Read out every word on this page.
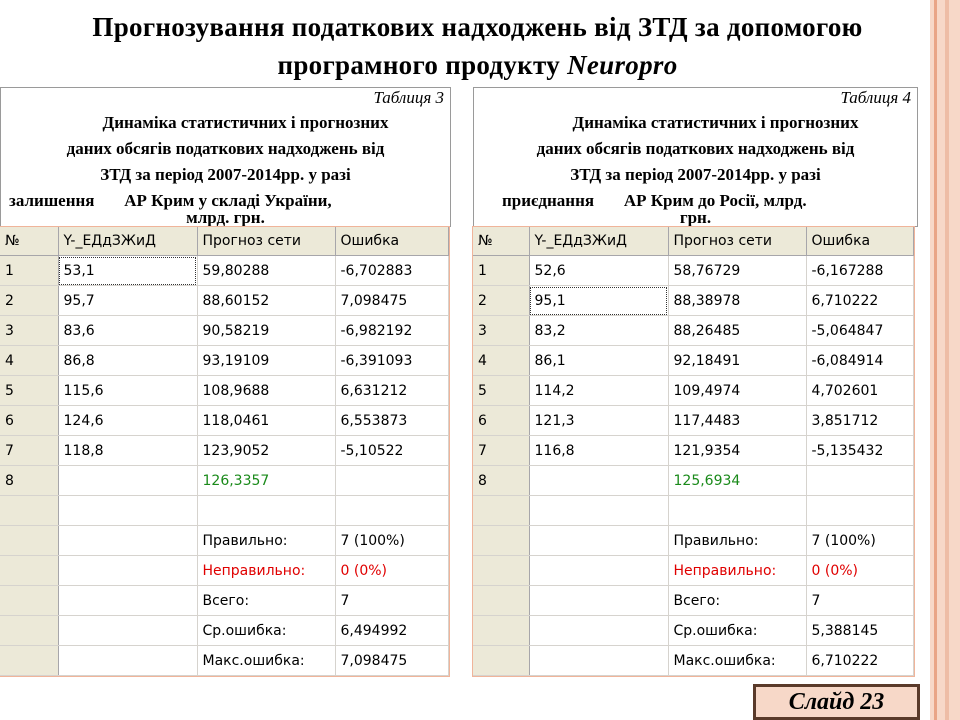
Прогнозування податкових надходжень від ЗТД за допомогою
програмного продукту Neuropro
Таблиця 3
Динаміка статистичних і прогнозних
даних обсягів податкових надходжень від
ЗТД за період 2007-2014рр. у разі
залишення       АР Крим у складі України,
млрд. грн.
Таблиця 4
Динаміка статистичних і прогнозних
даних обсягів податкових надходжень від
ЗТД за період 2007-2014рр. у разі
приєднання       АР Крим до Росії, млрд.
грн.
№	Y-_ЕДдЗЖиД	Прогноз сети	Ошибка
1	53,1	59,80288	-6,702883
2	95,7	88,60152	7,098475
3	83,6	90,58219	-6,982192
4	86,8	93,19109	-6,391093
5	115,6	108,9688	6,631212
6	124,6	118,0461	6,553873
7	118,8	123,9052	-5,10522
8		126,3357	

		Правильно:	7 (100%)
		Неправильно:	0 (0%)
		Всего:	7
		Ср.ошибка:	6,494992
		Макс.ошибка:	7,098475
№	Y-_ЕДдЗЖиД	Прогноз сети	Ошибка
1	52,6	58,76729	-6,167288
2	95,1	88,38978	6,710222
3	83,2	88,26485	-5,064847
4	86,1	92,18491	-6,084914
5	114,2	109,4974	4,702601
6	121,3	117,4483	3,851712
7	116,8	121,9354	-5,135432
8		125,6934	

		Правильно:	7 (100%)
		Неправильно:	0 (0%)
		Всего:	7
		Ср.ошибка:	5,388145
		Макс.ошибка:	6,710222
Слайд 23
